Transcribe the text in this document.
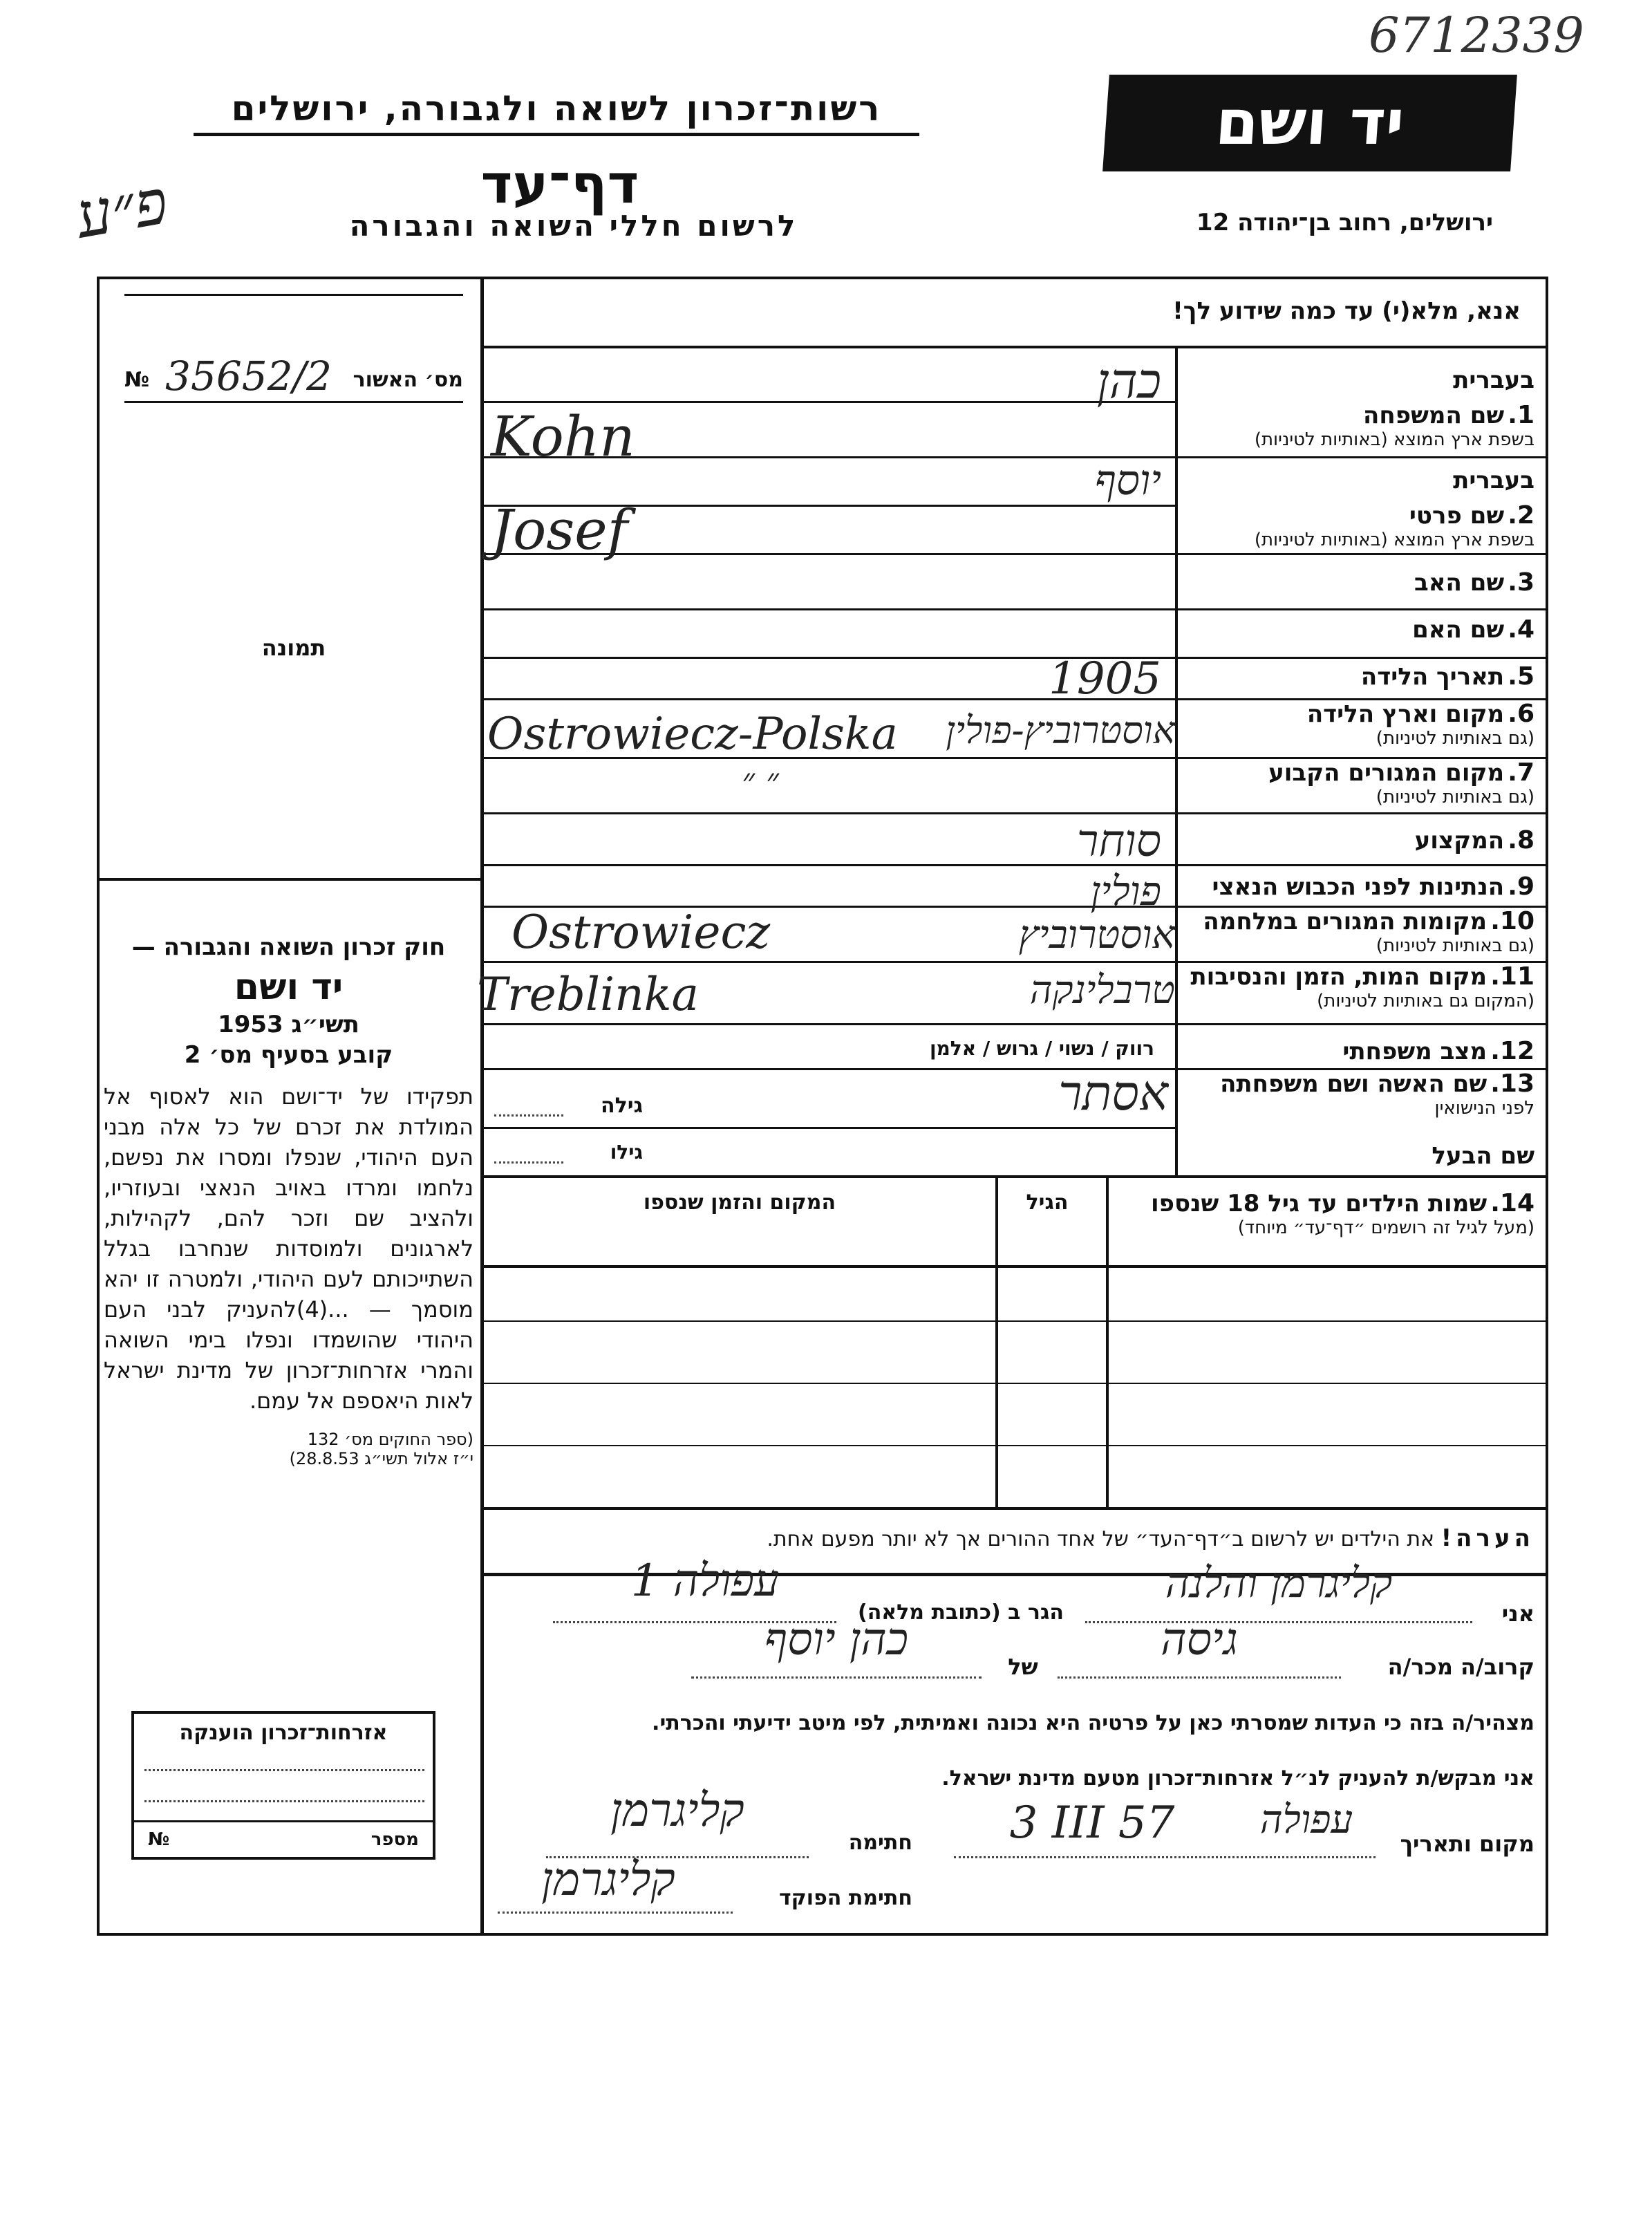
6712339
רשות־זכרון לשואה ולגבורה, ירושלים
דף־עד
לרשום חללי השואה והגבורה
יד ושם
ירושלים, רחוב בן־יהודה 12
פ״ע
מס׳ האשור
35652/2
№
תמונה
חוק זכרון השואה והגבורה —
יד ושם
תשי״ג 1953
קובע בסעיף מס׳ 2
תפקידו של יד־ושם הוא לאסוף אל המולדת את זכרם של כל אלה מבני העם היהודי, שנפלו ומסרו את נפשם, נלחמו ומרדו באויב הנאצי ובעוזריו, ולהציב שם וזכר להם, לקהילות, לארגונים ולמוסדות שנחרבו בגלל השתייכותם לעם היהודי, ולמטרה זו יהא מוסמך — ...(4)להעניק לבני העם היהודי שהושמדו ונפלו בימי השואה והמרי אזרחות־זכרון של מדינת ישראל לאות היאספם אל עמם.
(ספר החוקים מס׳ 132
י״ז אלול תשי״ג 28.8.53)
אנא, מלא(י) עד כמה שידוע לך!
בעברית
1. שם המשפחה
בשפת ארץ המוצא (באותיות לטיניות)
בעברית
2. שם פרטי
בשפת ארץ המוצא (באותיות לטיניות)
3. שם האב
4. שם האם
5. תאריך הלידה
6. מקום וארץ הלידה
(גם באותיות לטיניות)
7. מקום המגורים הקבוע
(גם באותיות לטיניות)
8. המקצוע
9. הנתינות לפני הכבוש הנאצי
10. מקומות המגורים במלחמה
(גם באותיות לטיניות)
11. מקום המות, הזמן והנסיבות
(המקום גם באותיות לטיניות)
12. מצב משפחתי
13. שם האשה ושם משפחתה
לפני הנישואין
שם הבעל
כהן
Kohn
יוסף
Josef
1905
אוסטרוביץ-פולין
Ostrowiecz-Polska
״ ״
סוחר
פולין
אוסטרוביץ
Ostrowiecz
טרבלינקה
Treblinka
רווק / נשוי / גרוש / אלמן
אסתר
גילה
גילו
14. שמות הילדים עד גיל 18 שנספו
(מעל לגיל זה רושמים ״דף־עד״ מיוחד)
הגיל
המקום והזמן שנספו
הערה! את הילדים יש לרשום ב״דף־העד״ של אחד ההורים אך לא יותר מפעם אחת.
אני
קליגרמן והלנה
הגר ב (כתובת מלאה)
עפולה 1
קרוב/ה מכר/ה
גיסה
של
כהן יוסף
מצהיר/ה בזה כי העדות שמסרתי כאן על פרטיה היא נכונה ואמיתית, לפי מיטב ידיעתי והכרתי.
אני מבקש/ת להעניק לנ״ל אזרחות־זכרון מטעם מדינת ישראל.
מקום ותאריך
עפולה
3 III 57
חתימה
קליגרמן
חתימת הפוקד
קליגרמן
אזרחות־זכרון הוענקה
מספר
№
